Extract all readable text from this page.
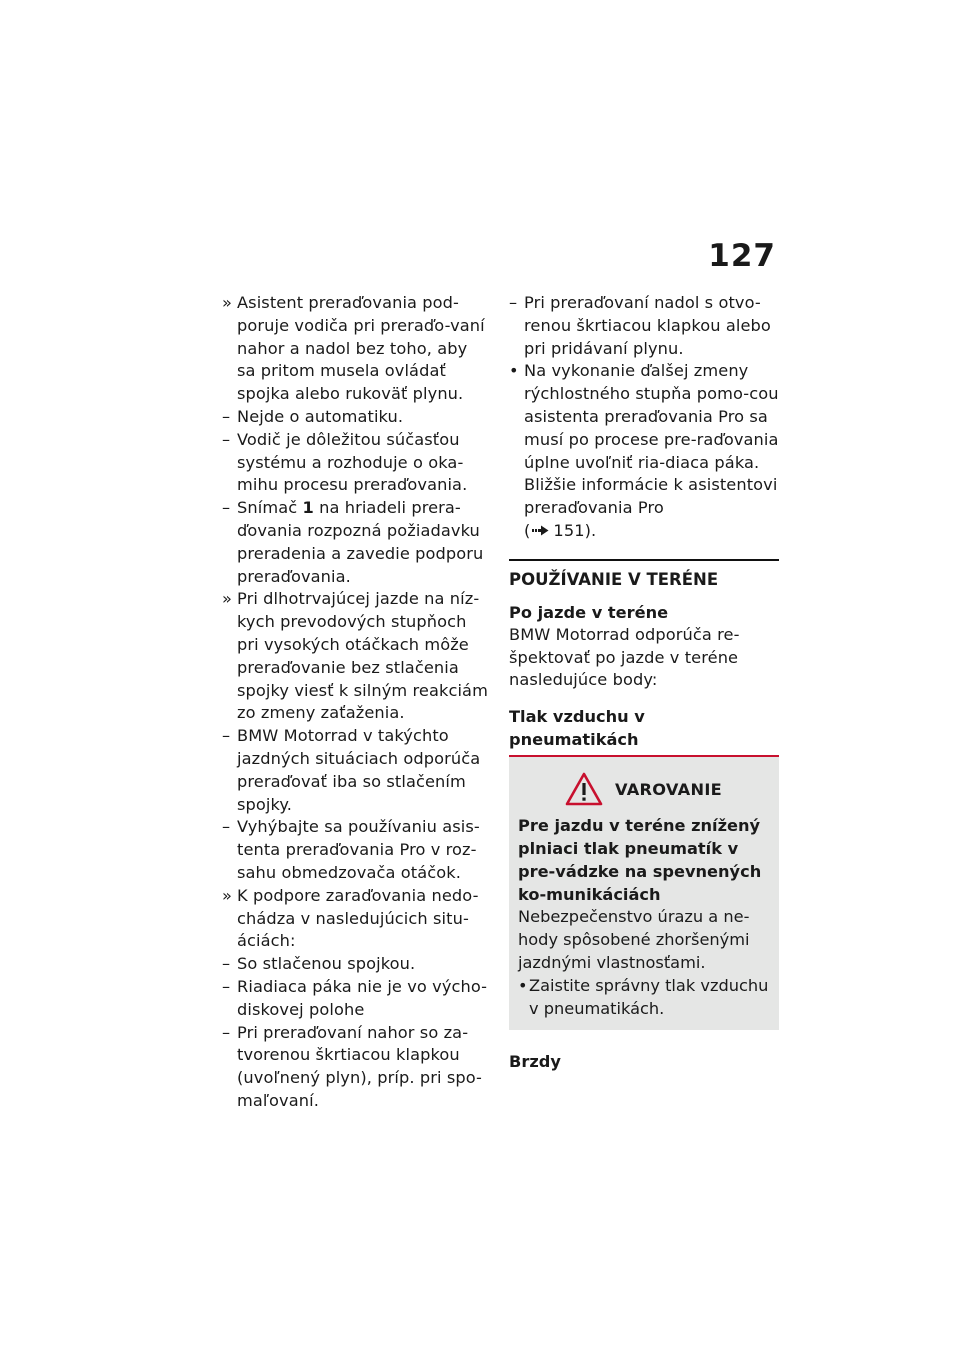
127
» Asistent preraďovania pod-poruje vodiča pri preraďo-vaní nahor a nadol bez toho, aby sa pritom musela ovládať spojka alebo rukoväť plynu.
– Nejde o automatiku.
– Vodič je dôležitou súčasťou systému a rozhoduje o oka-mihu procesu preraďovania.
– Snímač 1 na hriadeli prera-ďovania rozpozná požiadavku preradenia a zavedie podporu preraďovania.
» Pri dlhotrvajúcej jazde na níz-kych prevodových stupňoch pri vysokých otáčkach môže preraďovanie bez stlačenia spojky viesť k silným reakciám zo zmeny zaťaženia.
– BMW Motorrad v takýchto jazdných situáciach odporúča preraďovať iba so stlačením spojky.
– Vyhýbajte sa používaniu asis-tenta preraďovania Pro v roz-sahu obmedzovača otáčok.
» K podpore zaraďovania nedo-chádza v nasledujúcich situ-áciách:
– So stlačenou spojkou.
– Riadiaca páka nie je vo výcho-diskovej polohe
– Pri preraďovaní nahor so za-tvorenou škrtiacou klapkou (uvoľnený plyn), príp. pri spo-maľovaní.
– Pri preraďovaní nadol s otvo-renou škrtiacou klapkou alebo pri pridávaní plynu.
• Na vykonanie ďalšej zmeny rýchlostného stupňa pomo-cou asistenta preraďovania Pro sa musí po procese pre-raďovania úplne uvoľniť ria-diaca páka. Bližšie informácie k asistentovi preraďovania Pro
( 151).
POUŽÍVANIE V TERÉNE
Po jazde v teréne
BMW Motorrad odporúča re-špektovať po jazde v teréne nasledujúce body:
Tlak vzduchu v pneumatikách
VAROVANIE
Pre jazdu v teréne znížený plniaci tlak pneumatík v pre-vádzke na spevnených ko-munikáciách
Nebezpečenstvo úrazu a ne-hody spôsobené zhoršenými jazdnými vlastnosťami.
• Zaistite správny tlak vzduchu v pneumatikách.
Brzdy
